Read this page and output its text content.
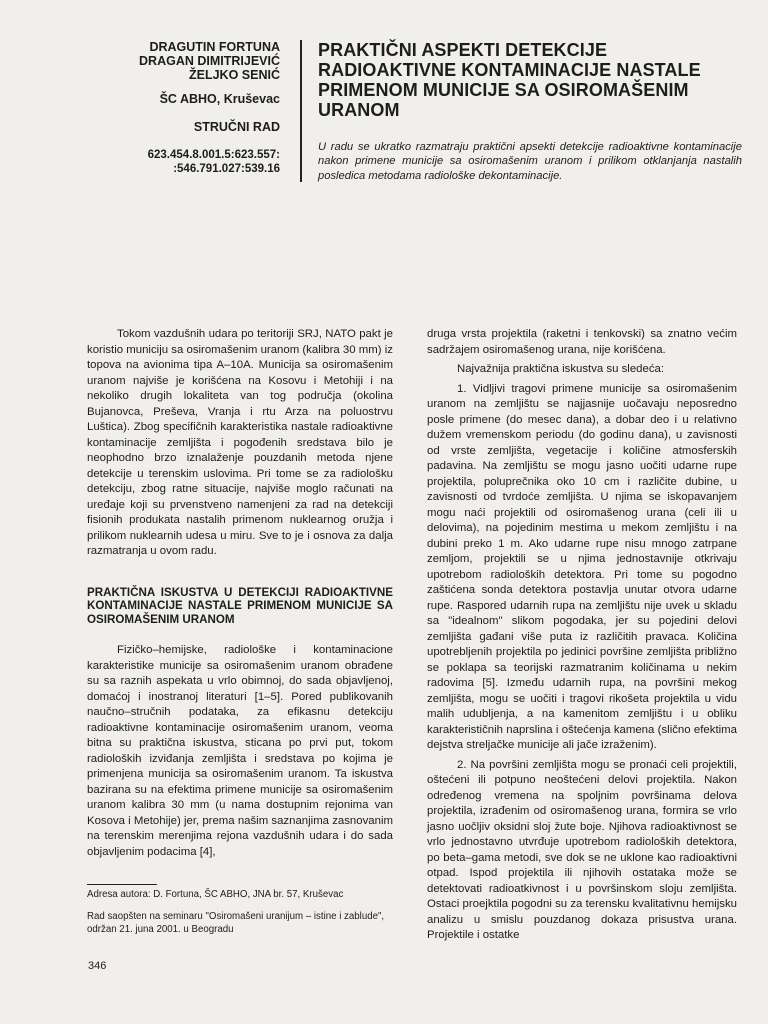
DRAGUTIN FORTUNA
DRAGAN DIMITRIJEVIĆ
ŽELJKO SENIĆ
ŠC ABHO, Kruševac
STRUČNI RAD
623.454.8.001.5:623.557:
:546.791.027:539.16
PRAKTIČNI ASPEKTI DETEKCIJE RADIOAKTIVNE KONTAMINACIJE NASTALE PRIMENOM MUNICIJE SA OSIROMAŠENIM URANOM

U radu se ukratko razmatraju praktični apsekti detekcije radioaktivne kontaminacije nakon primene municije sa osiromašenim uranom i prilikom otklanjanja nastalih posledica metodama radiološke dekontaminacije.

Tokom vazdušnih udara po teritoriji SRJ, NATO pakt je koristio municiju sa osiromašenim uranom (kalibra 30 mm) iz topova na avionima tipa A–10A. Municija sa osiromašenim uranom najviše je korišćena na Kosovu i Metohiji i na nekoliko drugih lokaliteta van tog područja (okolina Bujanovca, Preševa, Vranja i rtu Arza na poluostrvu Luštica). Zbog specifičnih karakteristika nastale radioaktivne kontaminacije zemljišta i pogođenih sredstava bilo je neophodno brzo iznalaženje pouzdanih metoda njene detekcije u terenskim uslovima. Pri tome se za radiološku detekciju, zbog ratne situacije, najviše moglo računati na uređaje koji su prvenstveno namenjeni za rad na detekciji fisionih produkata nastalih primenom nuklearnog oružja i prilikom nuklearnih udesa u miru. Sve to je i osnova za dalja razmatranja u ovom radu.

PRAKTIČNA ISKUSTVA U DETEKCIJI RADIOAKTIVNE KONTAMINACIJE NASTALE PRIMENOM MUNICIJE SA OSIROMAŠENIM URANOM

Fizičko–hemijske, radiološke i kontaminacione karakteristike municije sa osiromašenim uranom obrađene su sa raznih aspekata u vrlo obimnoj, do sada objavljenoj, domaćoj i inostranoj literaturi [1–5]. Pored publikovanih naučno–stručnih podataka, za efikasnu detekciju radioaktivne kontaminacije osiromašenim uranom, veoma bitna su praktična iskustva, sticana po prvi put, tokom radioloških izviđanja zemljišta i sredstava po kojima je primenjena municija sa osiromašenim uranom. Ta iskustva bazirana su na efektima primene municije sa osiromašenim uranom kalibra 30 mm (u nama dostupnim rejonima van Kosova i Metohije) jer, prema našim saznanjima zasnovanim na terenskim merenjima rejona vazdušnih udara i do sada objavljenim podacima [4],

druga vrsta projektila (raketni i tenkovski) sa znatno većim sadržajem osiromašenog urana, nije korišćena.

Najvažnija praktična iskustva su sledeća:

1. Vidljivi tragovi primene municije sa osiromašenim uranom na zemljištu se najjasnije uočavaju neposredno posle primene (do mesec dana), a dobar deo i u relativno dužem vremenskom periodu (do godinu dana), u zavisnosti od vrste zemljišta, vegetacije i količine atmosferskih padavina. Na zemljištu se mogu jasno uočiti udarne rupe projektila, poluprečnika oko 10 cm i različite dubine, u zavisnosti od tvrdoće zemljišta. U njima se iskopavanjem mogu naći projektili od osiromašenog urana (celi ili u delovima), na pojedinim mestima u mekom zemljištu i na dubini preko 1 m. Ako udarne rupe nisu mnogo zatrpane zemljom, projektili se u njima jednostavnije otkrivaju upotrebom radioloških detektora. Pri tome su pogodno zaštićena sonda detektora postavlja unutar otvora udarne rupe. Raspored udarnih rupa na zemljištu nije uvek u skladu sa "idealnom" slikom pogodaka, jer su pojedini delovi zemljišta gađani više puta iz različitih pravaca. Količina upotrebljenih projektila po jedinici površine zemljišta približno se poklapa sa teorijski razmatranim količinama u nekim radovima [5]. Između udarnih rupa, na površini mekog zemljišta, mogu se uočiti i tragovi rikošeta projektila u vidu malih udubljenja, a na kamenitom zemljištu i u obliku karakterističnih naprslina i oštećenja kamena (slično efektima dejstva streljačke municije ali jače izraženim).

2. Na površini zemljišta mogu se pronaći celi projektili, oštećeni ili potpuno neoštećeni delovi projektila. Nakon određenog vremena na spoljnim površinama delova projektila, izrađenim od osiromašenog urana, formira se vrlo jasno uočljiv oksidni sloj žute boje. Njihova radioaktivnost se vrlo jednostavno utvrđuje upotrebom radioloških detektora, po beta–gama metodi, sve dok se ne uklone kao radioaktivni otpad. Ispod projektila ili njihovih ostataka može se detektovati radioatkivnost i u površinskom sloju zemljišta. Ostaci proejktila pogodni su za terensku kvalitativnu hemijsku analizu u smislu pouzdanog dokaza prisustva urana. Projektile i ostatke

Adresa autora: D. Fortuna, ŠC ABHO, JNA br. 57, Kruševac

Rad saopšten na seminaru "Osiromašeni uranijum – istine i zablude", održan 21. juna 2001. u Beogradu

346
